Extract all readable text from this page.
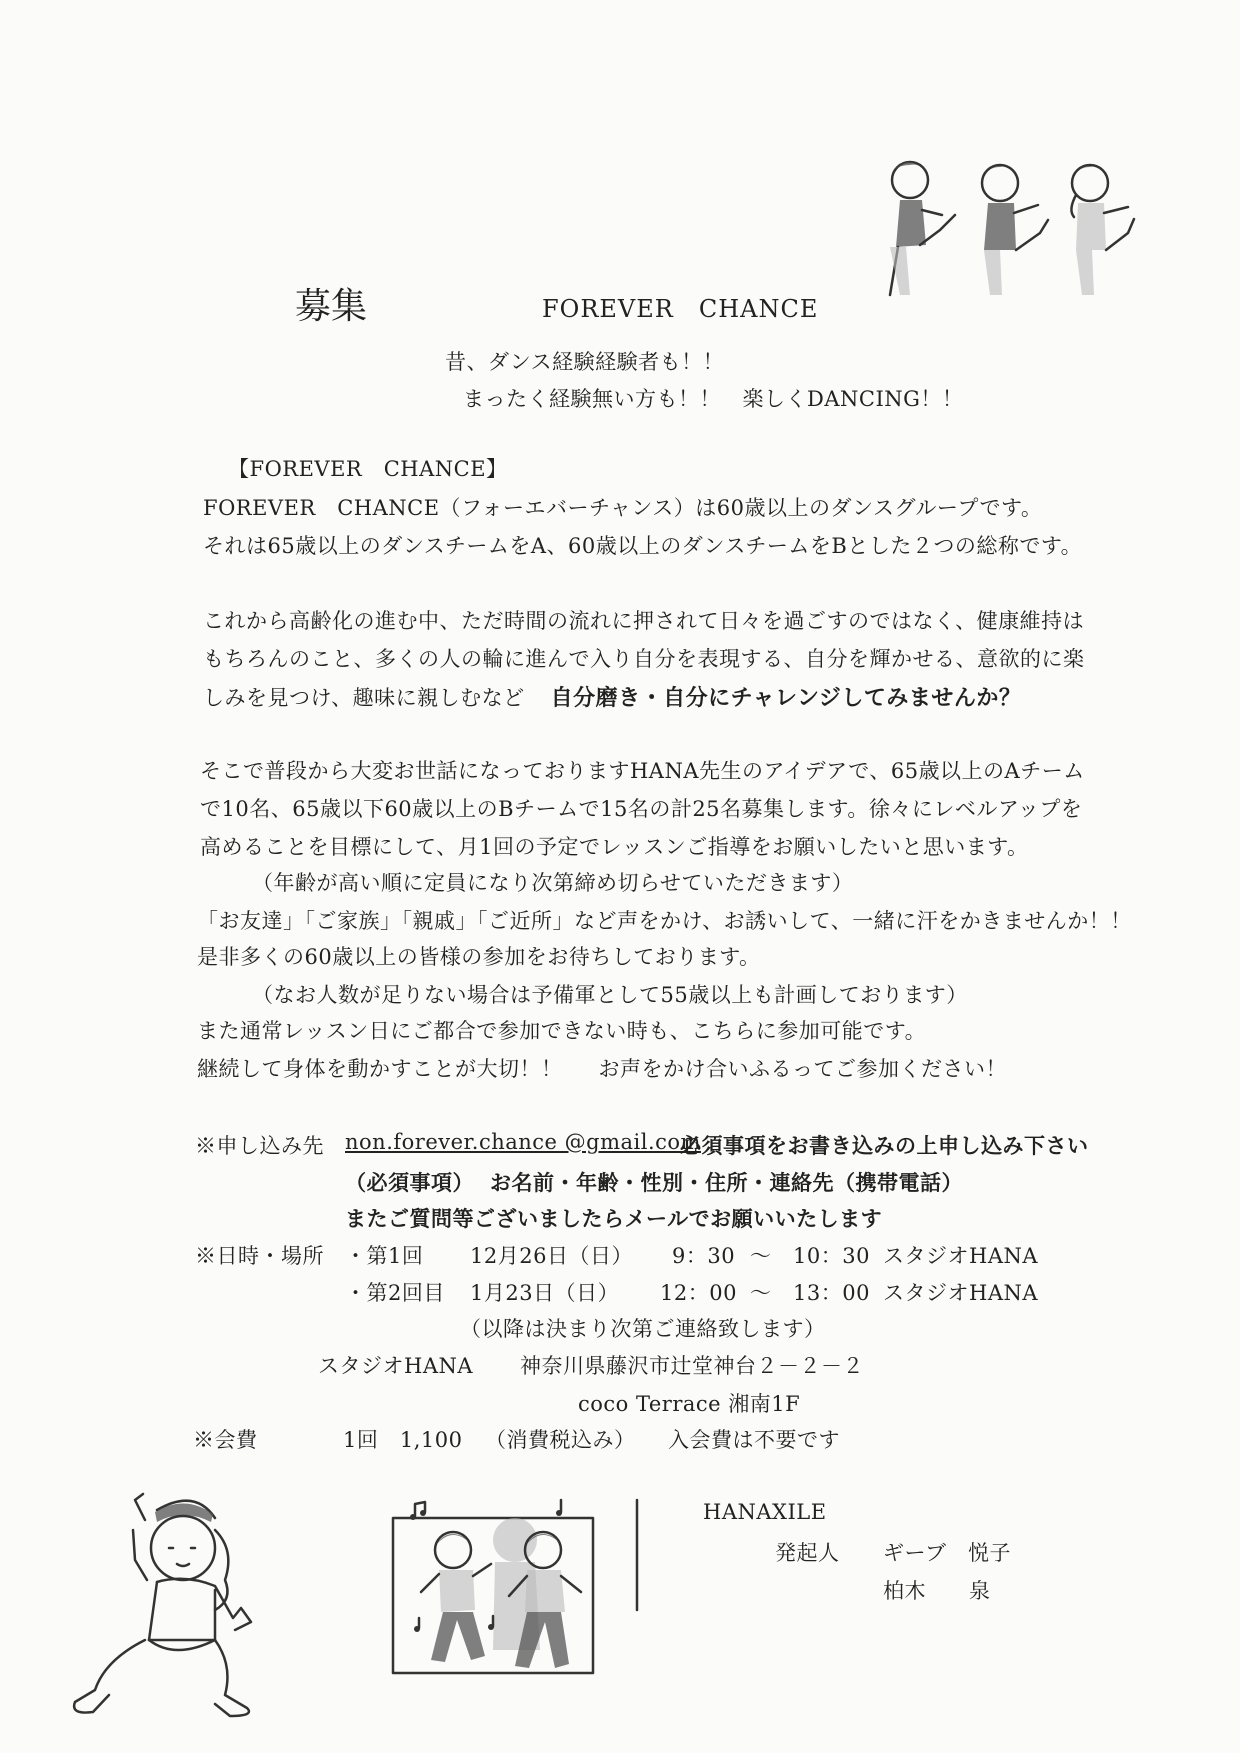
募集	FOREVER　CHANCE
昔、ダンス経験経験者も！！
まったく経験無い方も！！　楽しくDANCING！！
【FOREVER　CHANCE】
FOREVER　CHANCE（フォーエバーチャンス）は60歳以上のダンスグループです。
それは65歳以上のダンスチームをA、60歳以上のダンスチームをBとした２つの総称です。
これから高齢化の進む中、ただ時間の流れに押されて日々を過ごすのではなく、健康維持は
もちろんのこと、多くの人の輪に進んで入り自分を表現する、自分を輝かせる、意欲的に楽
しみを見つけ、趣味に親しむなど 自分磨き・自分にチャレンジしてみませんか？
そこで普段から大変お世話になっておりますHANA先生のアイデアで、65歳以上のAチーム
で10名、65歳以下60歳以上のBチームで15名の計25名募集します。徐々にレベルアップを
高めることを目標にして、月1回の予定でレッスンご指導をお願いしたいと思います。
（年齢が高い順に定員になり次第締め切らせていただきます）
「お友達」「ご家族」「親戚」「ご近所」など声をかけ、お誘いして、一緒に汗をかきませんか！！
是非多くの60歳以上の皆様の参加をお待ちしております。
（なお人数が足りない場合は予備軍として55歳以上も計画しております）
また通常レッスン日にご都合で参加できない時も、こちらに参加可能です。
継続して身体を動かすことが大切！！ お声をかけ合いふるってご参加ください！
※申し込み先 non.forever.chance @gmail.com
必須事項をお書き込みの上申し込み下さい
（必須事項） お名前・年齢・性別・住所・連絡先（携帯電話）
またご質問等ございましたらメールでお願いいたします
※日時・場所 ・第1回 12月26日（日） 9：30 ～ 10：30 スタジオHANA
・第2回目 1月23日（日） 12：00 ～ 13：00 スタジオHANA
（以降は決まり次第ご連絡致します）
スタジオHANA 神奈川県藤沢市辻堂神台２－２－２
coco Terrace 湘南1F
※会費	1回　1,100 （消費税込み） 入会費は不要です
HANAXILE
発起人 ギーブ　悦子
柏木　　泉
